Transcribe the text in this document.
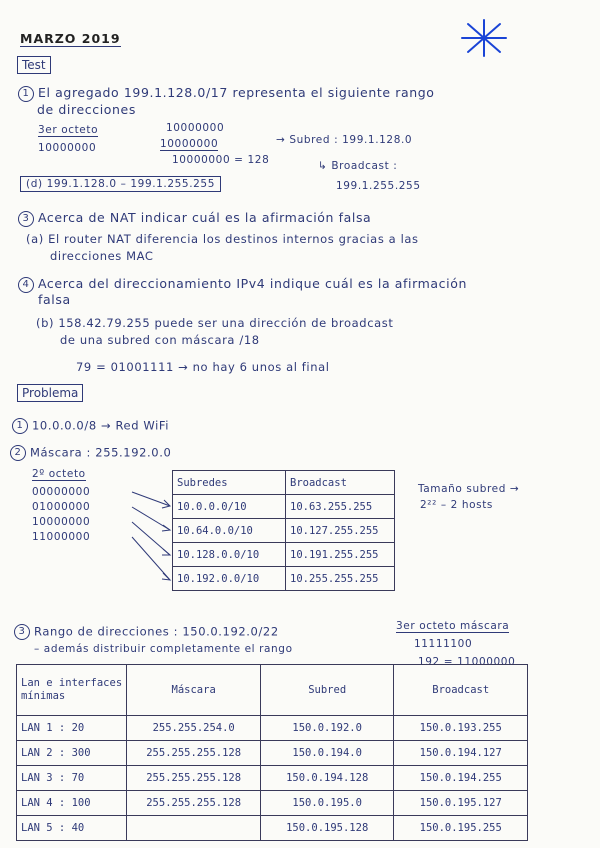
MARZO 2019
Test
1 El agregado 199.1.128.0/17 representa el siguiente rango
de direcciones
3er octeto
10000000
10000000
10000000
10000000 = 128
→ Subred : 199.1.128.0
↳ Broadcast :
(d) 199.1.128.0 – 199.1.255.255	199.1.255.255
3 Acerca de NAT indicar cuál es la afirmación falsa
(a) El router NAT diferencia los destinos internos gracias a las
direcciones MAC
4 Acerca del direccionamiento IPv4 indique cuál es la afirmación
falsa
(b) 158.42.79.255 puede ser una dirección de broadcast
de una subred con máscara /18
79 = 01001111 → no hay 6 unos al final
Problema
1 10.0.0.0/8 → Red WiFi
2 Máscara : 255.192.0.0
2º octeto
00000000
01000000
10000000
11000000
Subredes	Broadcast
10.0.0.0/10	10.63.255.255
10.64.0.0/10	10.127.255.255
10.128.0.0/10	10.191.255.255
10.192.0.0/10	10.255.255.255
Tamaño subred →
2²² – 2 hosts
3 Rango de direcciones : 150.0.192.0/22
– además distribuir completamente el rango
3er octeto máscara
11111100
192 = 11000000
Lan e interfaces mínimas	Máscara	Subred	Broadcast
LAN 1 : 20	255.255.254.0	150.0.192.0	150.0.193.255
LAN 2 : 300	255.255.255.128	150.0.194.0	150.0.194.127
LAN 3 : 70	255.255.255.128	150.0.194.128	150.0.194.255
LAN 4 : 100	255.255.255.128	150.0.195.0	150.0.195.127
LAN 5 : 40		150.0.195.128	150.0.195.255
